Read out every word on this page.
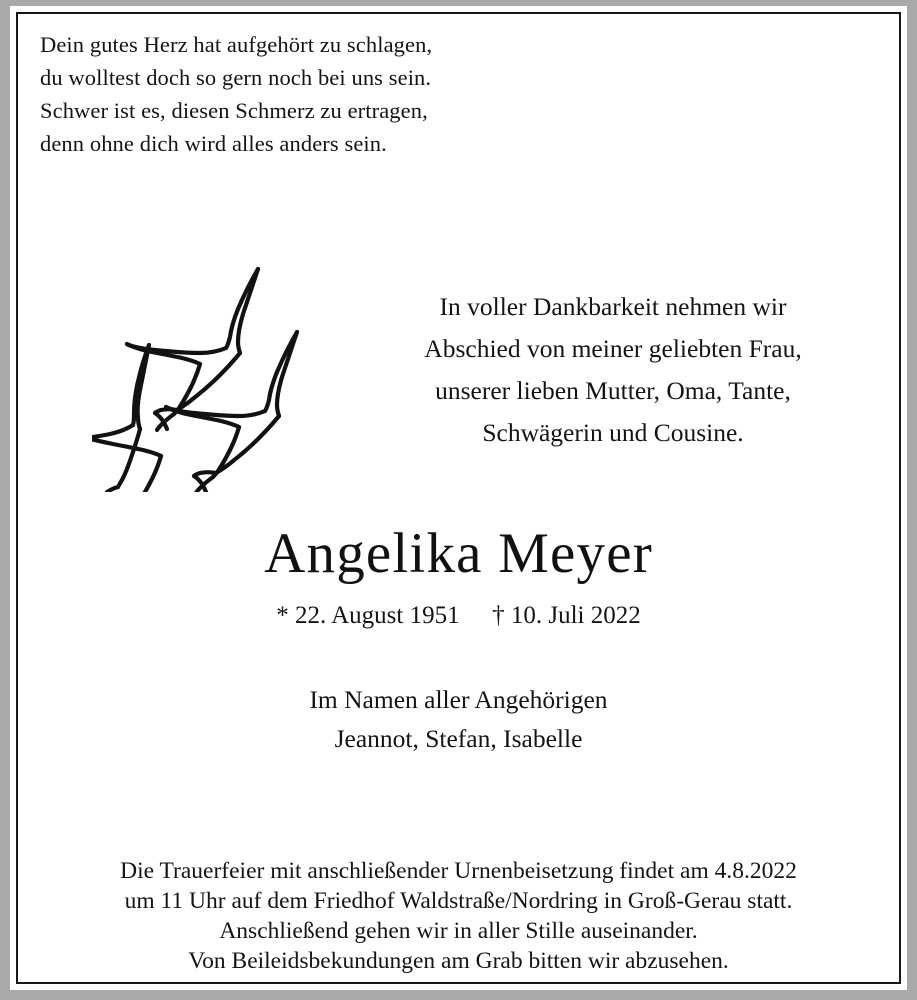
Dein gutes Herz hat aufgehört zu schlagen,
du wolltest doch so gern noch bei uns sein.
Schwer ist es, diesen Schmerz zu ertragen,
denn ohne dich wird alles anders sein.
In voller Dankbarkeit nehmen wir
Abschied von meiner geliebten Frau,
unserer lieben Mutter, Oma, Tante,
Schwägerin und Cousine.
Angelika Meyer
* 22. August 1951 † 10. Juli 2022
Im Namen aller Angehörigen
Jeannot, Stefan, Isabelle
Die Trauerfeier mit anschließender Urnenbeisetzung findet am 4.8.2022
um 11 Uhr auf dem Friedhof Waldstraße/Nordring in Groß-Gerau statt.
Anschließend gehen wir in aller Stille auseinander.
Von Beileidsbekundungen am Grab bitten wir abzusehen.
